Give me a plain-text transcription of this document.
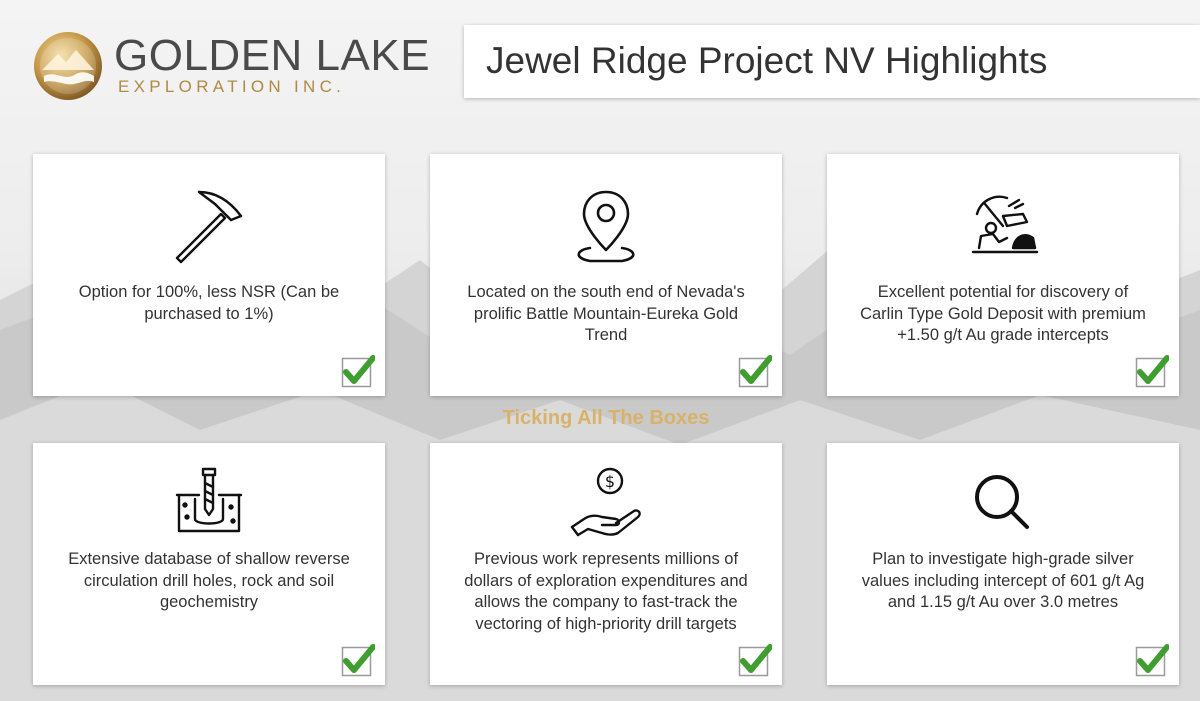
GOLDEN LAKE
EXPLORATION INC.
Jewel Ridge Project NV Highlights
Option for 100%, less NSR (Can be purchased to 1%)
Located on the south end of Nevada's prolific Battle Mountain-Eureka Gold Trend
Excellent potential for discovery of Carlin Type Gold Deposit with premium +1.50 g/t Au grade intercepts
Ticking All The Boxes
Extensive database of shallow reverse circulation drill holes, rock and soil geochemistry
$
Previous work represents millions of dollars of exploration expenditures and allows the company to fast-track the vectoring of high-priority drill targets
Plan to investigate high-grade silver values including intercept of 601 g/t Ag and 1.15 g/t Au over 3.0 metres
